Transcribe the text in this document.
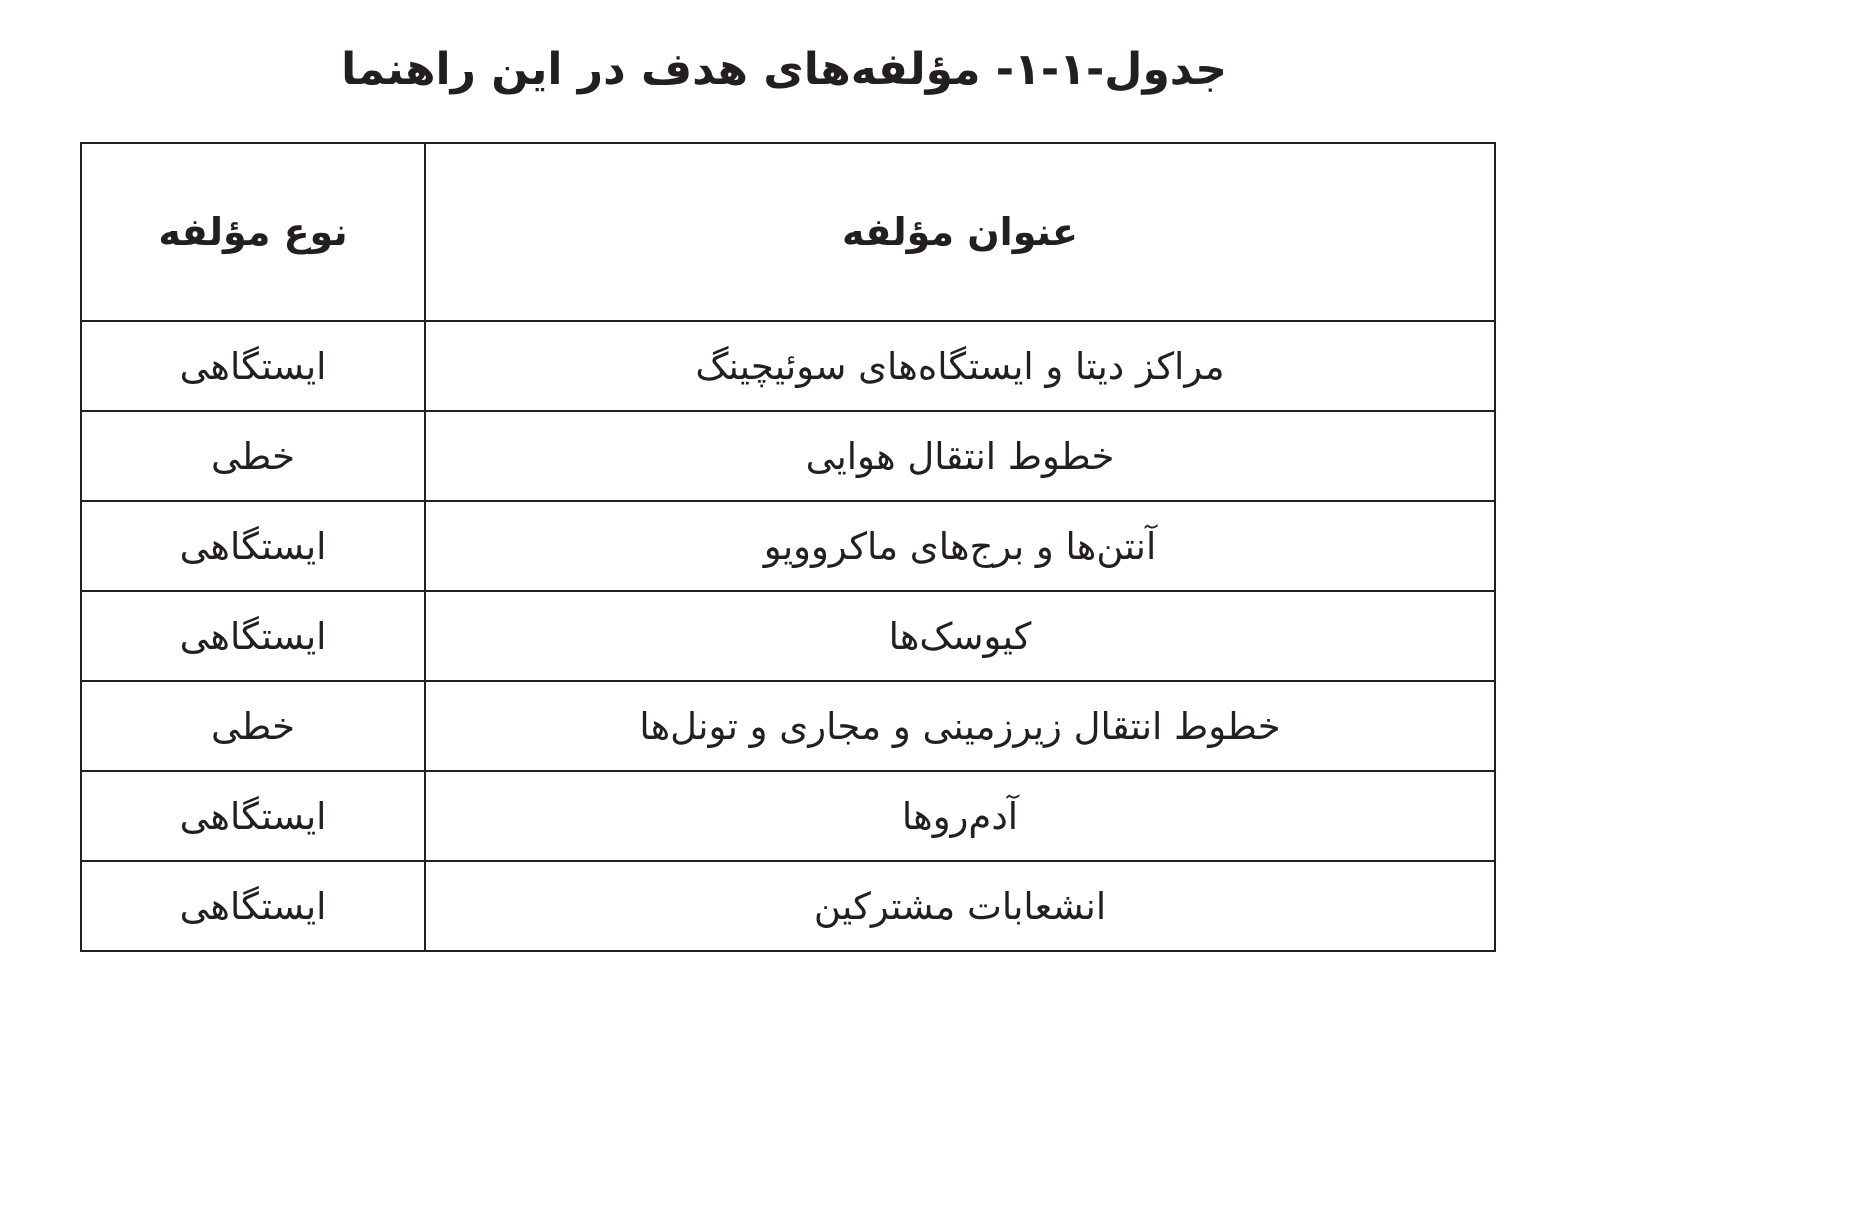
جدول-۱-۱- مؤلفه‌های هدف در این راهنما
عنوان مؤلفه	نوع مؤلفه
مراکز دیتا و ایستگاه‌های سوئیچینگ	ایستگاهی
خطوط انتقال هوایی	خطی
آنتن‌ها و برج‌های ماکروویو	ایستگاهی
کیوسک‌ها	ایستگاهی
خطوط انتقال زیرزمینی و مجاری و تونل‌ها	خطی
آدم‌روها	ایستگاهی
انشعابات مشترکین	ایستگاهی
